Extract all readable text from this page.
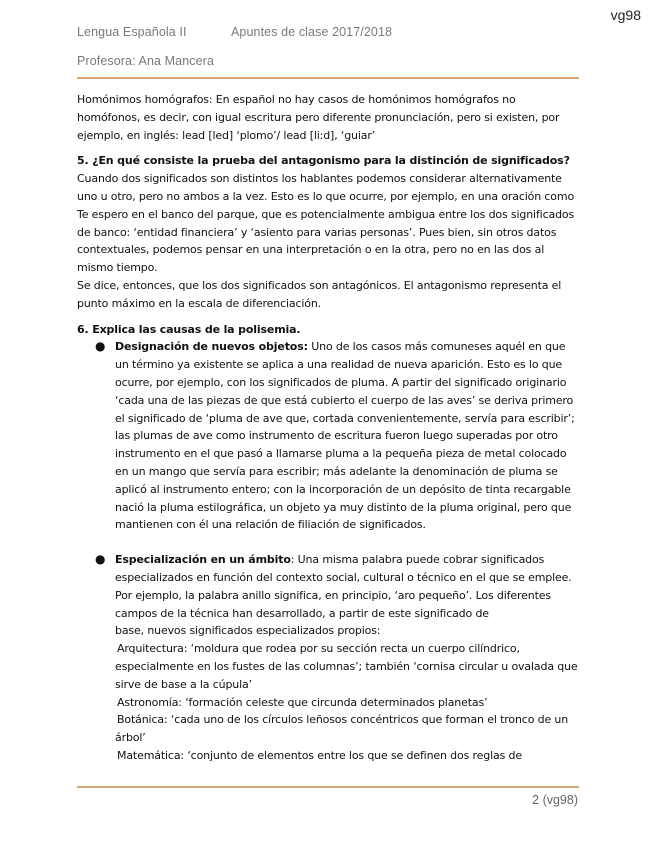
vg98
Lengua Española II	Apuntes de clase 2017/2018
Profesora: Ana Mancera

Homónimos homógrafos: En español no hay casos de homónimos homógrafos no homófonos, es decir, con igual escritura pero diferente pronunciación, pero si existen, por ejemplo, en inglés: lead [led] ‘plomo’/ lead [li:d], ‘guiar’

5. ¿En qué consiste la prueba del antagonismo para la distinción de significados?

Cuando dos significados son distintos los hablantes podemos considerar alternativamente uno u otro, pero no ambos a la vez. Esto es lo que ocurre, por ejemplo, en una oración como Te espero en el banco del parque, que es potencialmente ambigua entre los dos significados de banco: ‘entidad financiera’ y ‘asiento para varias personas’. Pues bien, sin otros datos contextuales, podemos pensar en una interpretación o en la otra, pero no en las dos al mismo tiempo.

Se dice, entonces, que los dos significados son antagónicos. El antagonismo representa el punto máximo en la escala de diferenciación.

6. Explica las causas de la polisemia.

● Designación de nuevos objetos: Uno de los casos más comuneses aquél en que un término ya existente se aplica a una realidad de nueva aparición. Esto es lo que ocurre, por ejemplo, con los significados de pluma. A partir del significado originario ‘cada una de las piezas de que está cubierto el cuerpo de las aves’ se deriva primero el significado de ‘pluma de ave que, cortada convenientemente, servía para escribir’; las plumas de ave como instrumento de escritura fueron luego superadas por otro instrumento en el que pasó a llamarse pluma a la pequeña pieza de metal colocado en un mango que servía para escribir; más adelante la denominación de pluma se aplicó al instrumento entero; con la incorporación de un depósito de tinta recargable nació la pluma estilográfica, un objeto ya muy distinto de la pluma original, pero que mantienen con él una relación de filiación de significados.
● Especialización en un ámbito: Una misma palabra puede cobrar significados especializados en función del contexto social, cultural o técnico en el que se emplee. Por ejemplo, la palabra anillo significa, en principio, ‘aro pequeño’. Los diferentes campos de la técnica han desarrollado, a partir de este significado de
base, nuevos significados especializados propios:
Arquitectura: ‘moldura que rodea por su sección recta un cuerpo cilíndrico, especialmente en los fustes de las columnas’; también ‘cornisa circular u ovalada que sirve de base a la cúpula’
Astronomía: ‘formación celeste que circunda determinados planetas’
Botánica: ‘cada uno de los círculos leñosos concéntricos que forman el tronco de un árbol’
Matemática: ‘conjunto de elementos entre los que se definen dos reglas de
2 (vg98)
